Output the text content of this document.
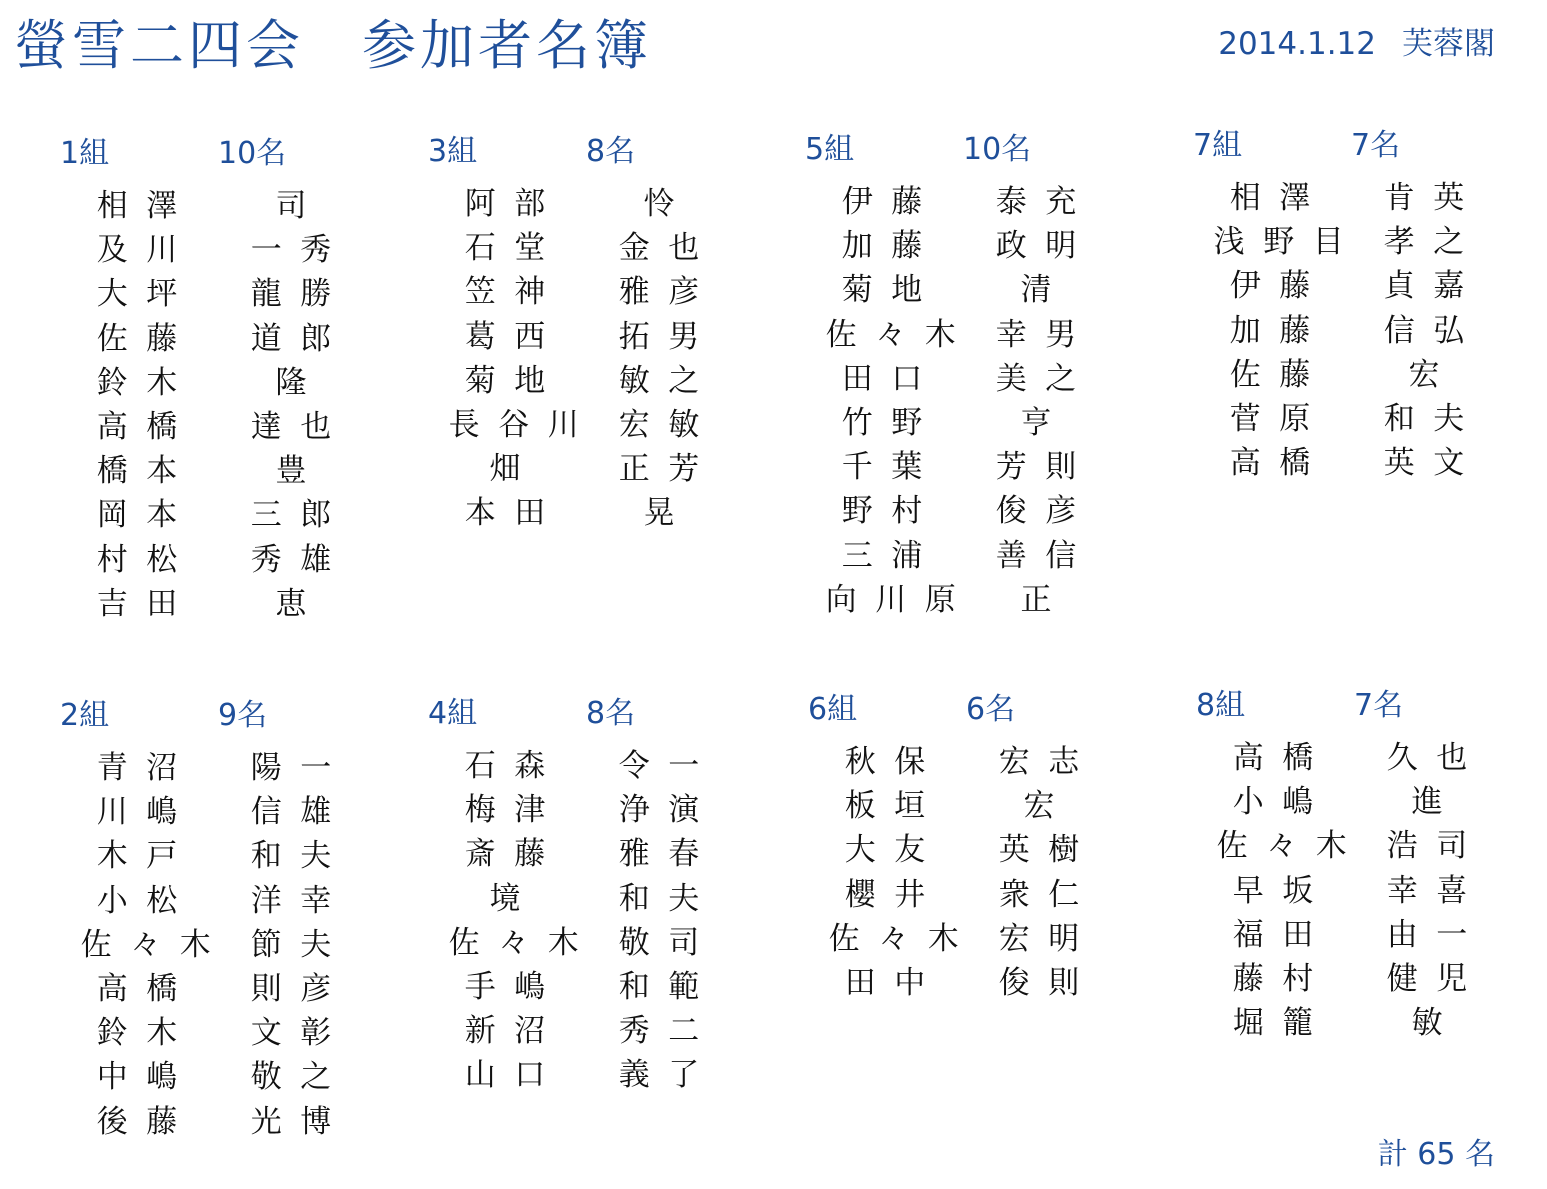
螢雪二四会　参加者名簿	2014.1.12 芙蓉閣
1組	10名
相澤	司
及川	一秀
大坪	龍勝
佐藤	道郎
鈴木	隆
高橋	達也
橋本	豊
岡本	三郎
村松	秀雄
吉田	恵
3組	8名
阿部	怜
石堂	金也
笠神	雅彦
葛西	拓男
菊地	敏之
長谷川 宏敏
畑	正芳
本田	晃
5組	10名
伊藤	泰充
加藤	政明
菊地	清
佐々木 幸男
田口	美之
竹野	亨
千葉	芳則
野村	俊彦
三浦	善信
向川原	正
7組	7名
相澤	肯英
浅野目 孝之
伊藤	貞嘉
加藤	信弘
佐藤	宏
菅原	和夫
高橋	英文
2組	9名
青沼	陽一
川嶋	信雄
木戸	和夫
小松	洋幸
佐々木 節夫
高橋	則彦
鈴木	文彰
中嶋	敬之
後藤	光博
4組	8名
石森	令一
梅津	浄演
斎藤	雅春
境	和夫
佐々木 敬司
手嶋	和範
新沼	秀二
山口	義了
6組	6名
秋保	宏志
板垣	宏
大友	英樹
櫻井	衆仁
佐々木 宏明
田中	俊則
8組	7名
高橋	久也
小嶋	進
佐々木 浩司
早坂	幸喜
福田	由一
藤村	健児
堀籠	敏
計 65 名
